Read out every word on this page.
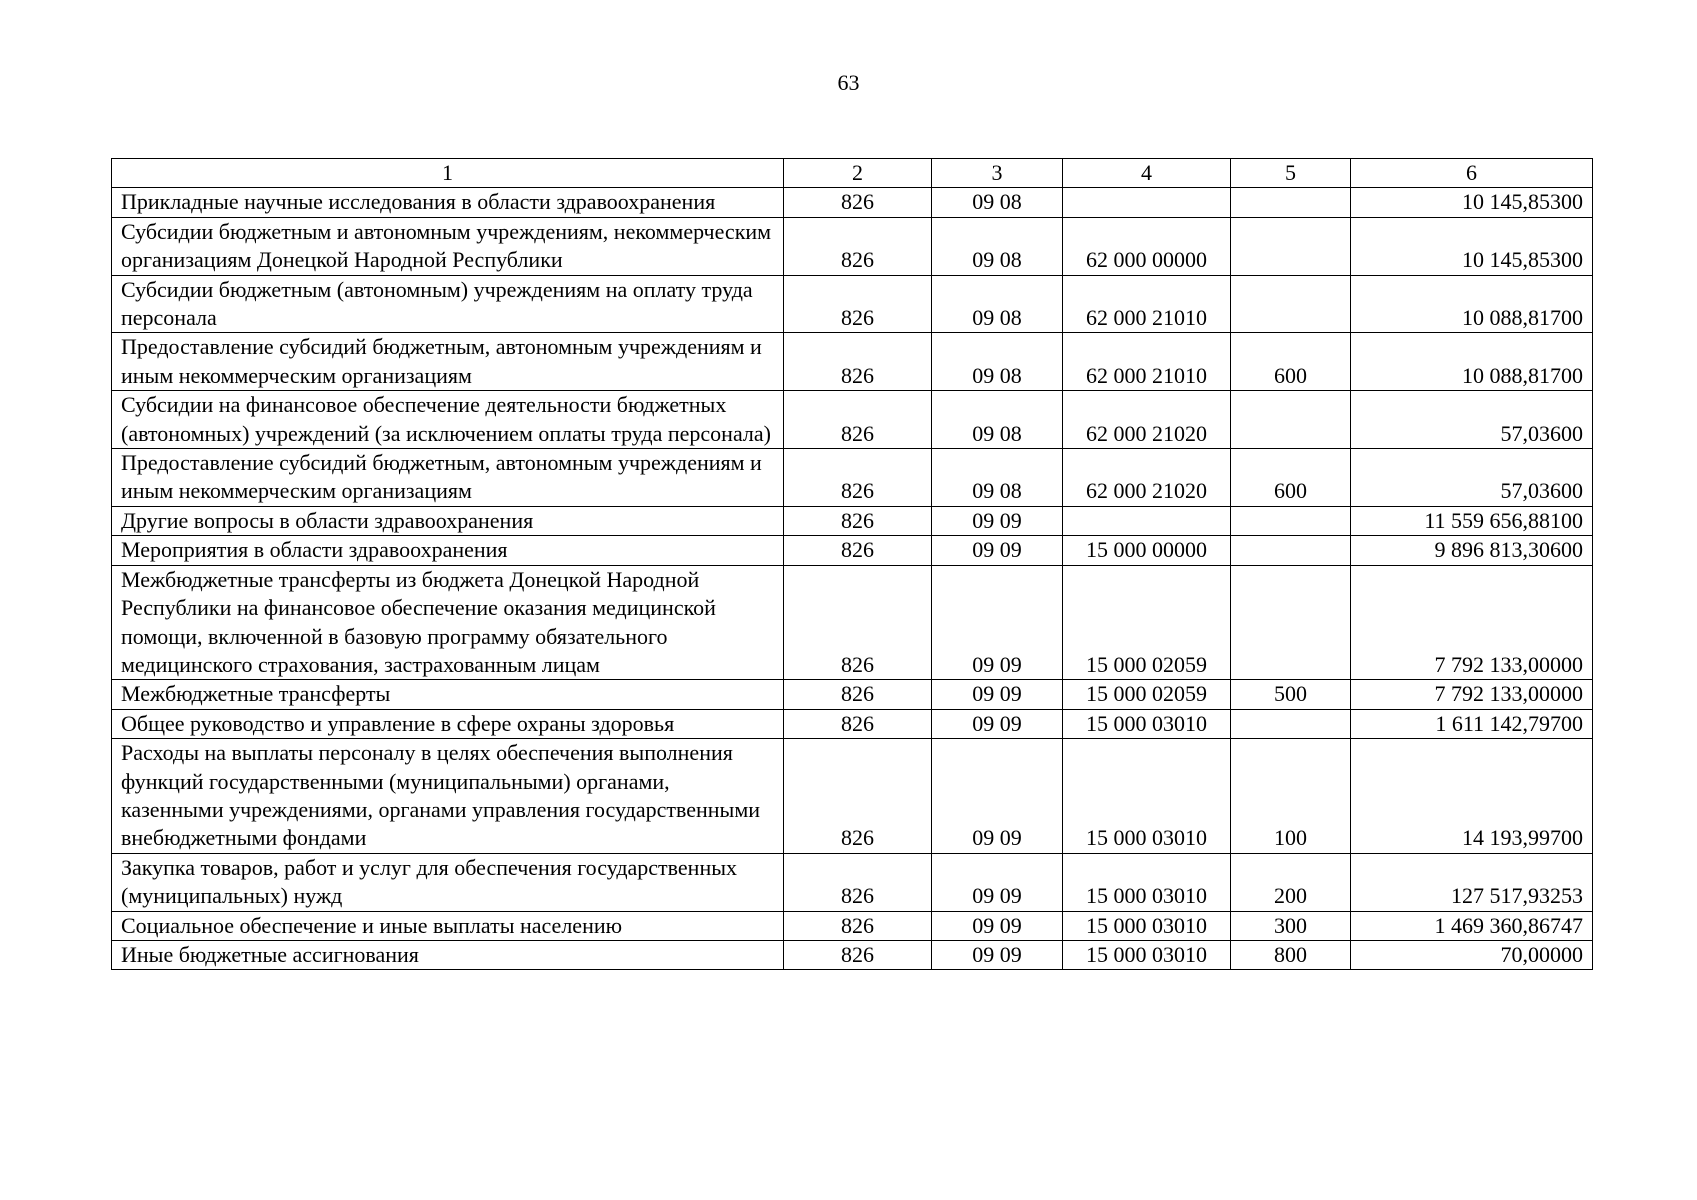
63
1	2	3	4	5	6
Прикладные научные исследования в области здравоохранения	826	09 08			10 145,85300
Субсидии бюджетным и автономным учреждениям, некоммерческим организациям Донецкой Народной Республики	826	09 08	62 000 00000		10 145,85300
Субсидии бюджетным (автономным) учреждениям на оплату труда персонала	826	09 08	62 000 21010		10 088,81700
Предоставление субсидий бюджетным, автономным учреждениям и иным некоммерческим организациям	826	09 08	62 000 21010	600	10 088,81700
Субсидии на финансовое обеспечение деятельности бюджетных (автономных) учреждений (за исключением оплаты труда персонала)	826	09 08	62 000 21020		57,03600
Предоставление субсидий бюджетным, автономным учреждениям и иным некоммерческим организациям	826	09 08	62 000 21020	600	57,03600
Другие вопросы в области здравоохранения	826	09 09			11 559 656,88100
Мероприятия в области здравоохранения	826	09 09	15 000 00000		9 896 813,30600
Межбюджетные трансферты из бюджета Донецкой Народной Республики на финансовое обеспечение оказания медицинской помощи, включенной в базовую программу обязательного медицинского страхования, застрахованным лицам	826	09 09	15 000 02059		7 792 133,00000
Межбюджетные трансферты	826	09 09	15 000 02059	500	7 792 133,00000
Общее руководство и управление в сфере охраны здоровья	826	09 09	15 000 03010		1 611 142,79700
Расходы на выплаты персоналу в целях обеспечения выполнения функций государственными (муниципальными) органами, казенными учреждениями, органами управления государственными внебюджетными фондами	826	09 09	15 000 03010	100	14 193,99700
Закупка товаров, работ и услуг для обеспечения государственных (муниципальных) нужд	826	09 09	15 000 03010	200	127 517,93253
Социальное обеспечение и иные выплаты населению	826	09 09	15 000 03010	300	1 469 360,86747
Иные бюджетные ассигнования	826	09 09	15 000 03010	800	70,00000
